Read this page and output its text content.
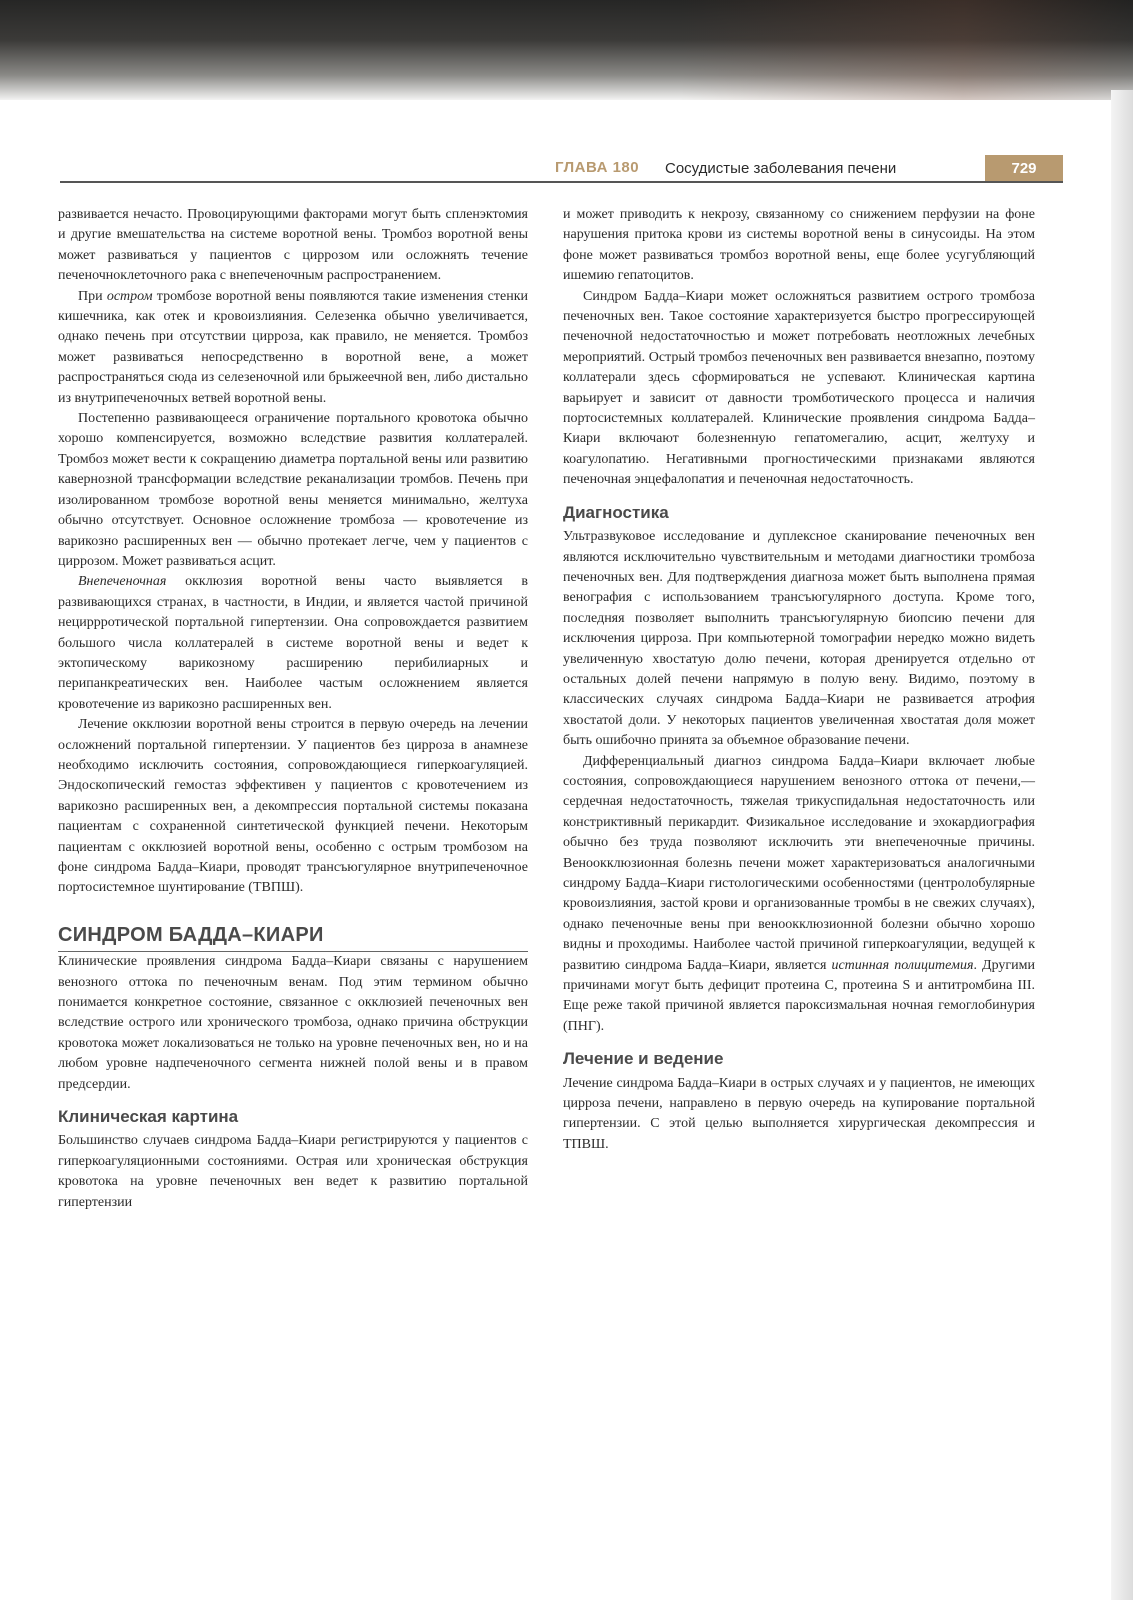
ГЛАВА 180 Сосудистые заболевания печени	729

развивается нечасто. Провоцирующими факторами могут быть спленэктомия и другие вмешательства на системе воротной вены. Тромбоз воротной вены может развиваться у пациентов с циррозом или осложнять течение печеночноклеточного рака с внепеченочным распространением.

При остром тромбозе воротной вены появляются такие изменения стенки кишечника, как отек и кровоизлияния. Селезенка обычно увеличивается, однако печень при отсутствии цирроза, как правило, не меняется. Тромбоз может развиваться непосредственно в воротной вене, а может распространяться сюда из селезеночной или брыжеечной вен, либо дистально из внутрипеченочных ветвей воротной вены.

Постепенно развивающееся ограничение портального кровотока обычно хорошо компенсируется, возможно вследствие развития коллатералей. Тромбоз может вести к сокращению диаметра портальной вены или развитию кавернозной трансформации вследствие реканализации тромбов. Печень при изолированном тромбозе воротной вены меняется минимально, желтуха обычно отсутствует. Основное осложнение тромбоза — кровотечение из варикозно расширенных вен — обычно протекает легче, чем у пациентов с циррозом. Может развиваться асцит.

Внепеченочная окклюзия воротной вены часто выявляется в развивающихся странах, в частности, в Индии, и является частой причиной нециррротической портальной гипертензии. Она сопровождается развитием большого числа коллатералей в системе воротной вены и ведет к эктопическому варикозному расширению перибилиарных и перипанкреатических вен. Наиболее частым осложнением является кровотечение из варикозно расширенных вен.

Лечение окклюзии воротной вены строится в первую очередь на лечении осложнений портальной гипертензии. У пациентов без цирроза в анамнезе необходимо исключить состояния, сопровождающиеся гиперкоагуляцией. Эндоскопический гемостаз эффективен у пациентов с кровотечением из варикозно расширенных вен, а декомпрессия портальной системы показана пациентам с сохраненной синтетической функцией печени. Некоторым пациентам с окклюзией воротной вены, особенно с острым тромбозом на фоне синдрома Бадда–Киари, проводят трансъюгулярное внутрипеченочное портосистемное шунтирование (ТВПШ).

СИНДРОМ БАДДА–КИАРИ

Клинические проявления синдрома Бадда–Киари связаны с нарушением венозного оттока по печеночным венам. Под этим термином обычно понимается конкретное состояние, связанное с окклюзией печеночных вен вследствие острого или хронического тромбоза, однако причина обструкции кровотока может локализоваться не только на уровне печеночных вен, но и на любом уровне надпеченочного сегмента нижней полой вены и в правом предсердии.

Клиническая картина

Большинство случаев синдрома Бадда–Киари регистрируются у пациентов с гиперкоагуляционными состояниями. Острая или хроническая обструкция кровотока на уровне печеночных вен ведет к развитию портальной гипертензии

и может приводить к некрозу, связанному со снижением перфузии на фоне нарушения притока крови из системы воротной вены в синусоиды. На этом фоне может развиваться тромбоз воротной вены, еще более усугубляющий ишемию гепатоцитов.

Синдром Бадда–Киари может осложняться развитием острого тромбоза печеночных вен. Такое состояние характеризуется быстро прогрессирующей печеночной недостаточностью и может потребовать неотложных лечебных мероприятий. Острый тромбоз печеночных вен развивается внезапно, поэтому коллатерали здесь сформироваться не успевают. Клиническая картина варьирует и зависит от давности тромботического процесса и наличия портосистемных коллатералей. Клинические проявления синдрома Бадда–Киари включают болезненную гепатомегалию, асцит, желтуху и коагулопатию. Негативными прогностическими признаками являются печеночная энцефалопатия и печеночная недостаточность.

Диагностика

Ультразвуковое исследование и дуплексное сканирование печеночных вен являются исключительно чувствительным и методами диагностики тромбоза печеночных вен. Для подтверждения диагноза может быть выполнена прямая венография с использованием трансъюгулярного доступа. Кроме того, последняя позволяет выполнить трансъюгулярную биопсию печени для исключения цирроза. При компьютерной томографии нередко можно видеть увеличенную хвостатую долю печени, которая дренируется отдельно от остальных долей печени напрямую в полую вену. Видимо, поэтому в классических случаях синдрома Бадда–Киари не развивается атрофия хвостатой доли. У некоторых пациентов увеличенная хвостатая доля может быть ошибочно принята за объемное образование печени.

Дифференциальный диагноз синдрома Бадда–Киари включает любые состояния, сопровождающиеся нарушением венозного оттока от печени,— сердечная недостаточность, тяжелая трикуспидальная недостаточность или констриктивный перикардит. Физикальное исследование и эхокардиография обычно без труда позволяют исключить эти внепеченочные причины. Веноокклюзионная болезнь печени может характеризоваться аналогичными синдрому Бадда–Киари гистологическими особенностями (центролобулярные кровоизлияния, застой крови и организованные тромбы в не свежих случаях), однако печеночные вены при веноокклюзионной болезни обычно хорошо видны и проходимы. Наиболее частой причиной гиперкоагуляции, ведущей к развитию синдрома Бадда–Киари, является истинная полицитемия. Другими причинами могут быть дефицит протеина C, протеина S и антитромбина III. Еще реже такой причиной является пароксизмальная ночная гемоглобинурия (ПНГ).

Лечение и ведение

Лечение синдрома Бадда–Киари в острых случаях и у пациентов, не имеющих цирроза печени, направлено в первую очередь на купирование портальной гипертензии. С этой целью выполняется хирургическая декомпрессия и ТПВШ.
